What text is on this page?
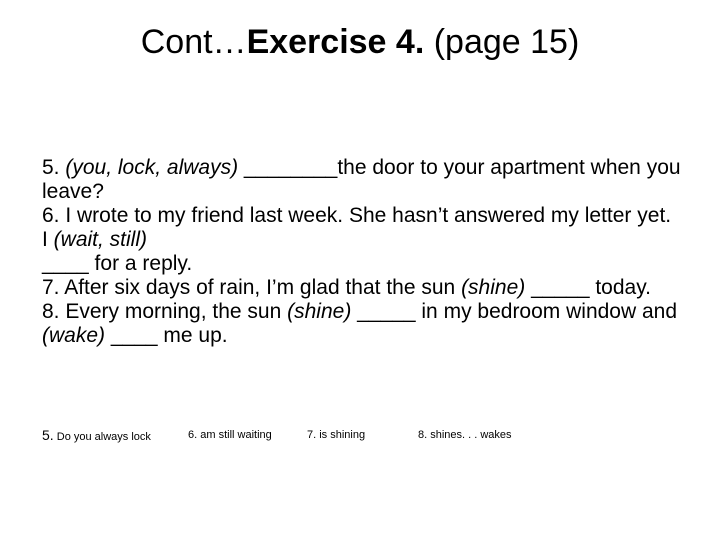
Cont…Exercise 4. (page 15)

5. (you, lock, always) ________the door to your apartment when you leave?

6. I wrote to my friend last week. She hasn’t answered my letter yet. I (wait, still)
____ for a reply.

7. After six days of rain, I’m glad that the sun (shine) _____ today.

8. Every morning, the sun (shine) _____ in my bedroom window and (wake) ____ me up.

5. Do you always lock	6. am still waiting	7. is shining	8. shines. . . wakes
